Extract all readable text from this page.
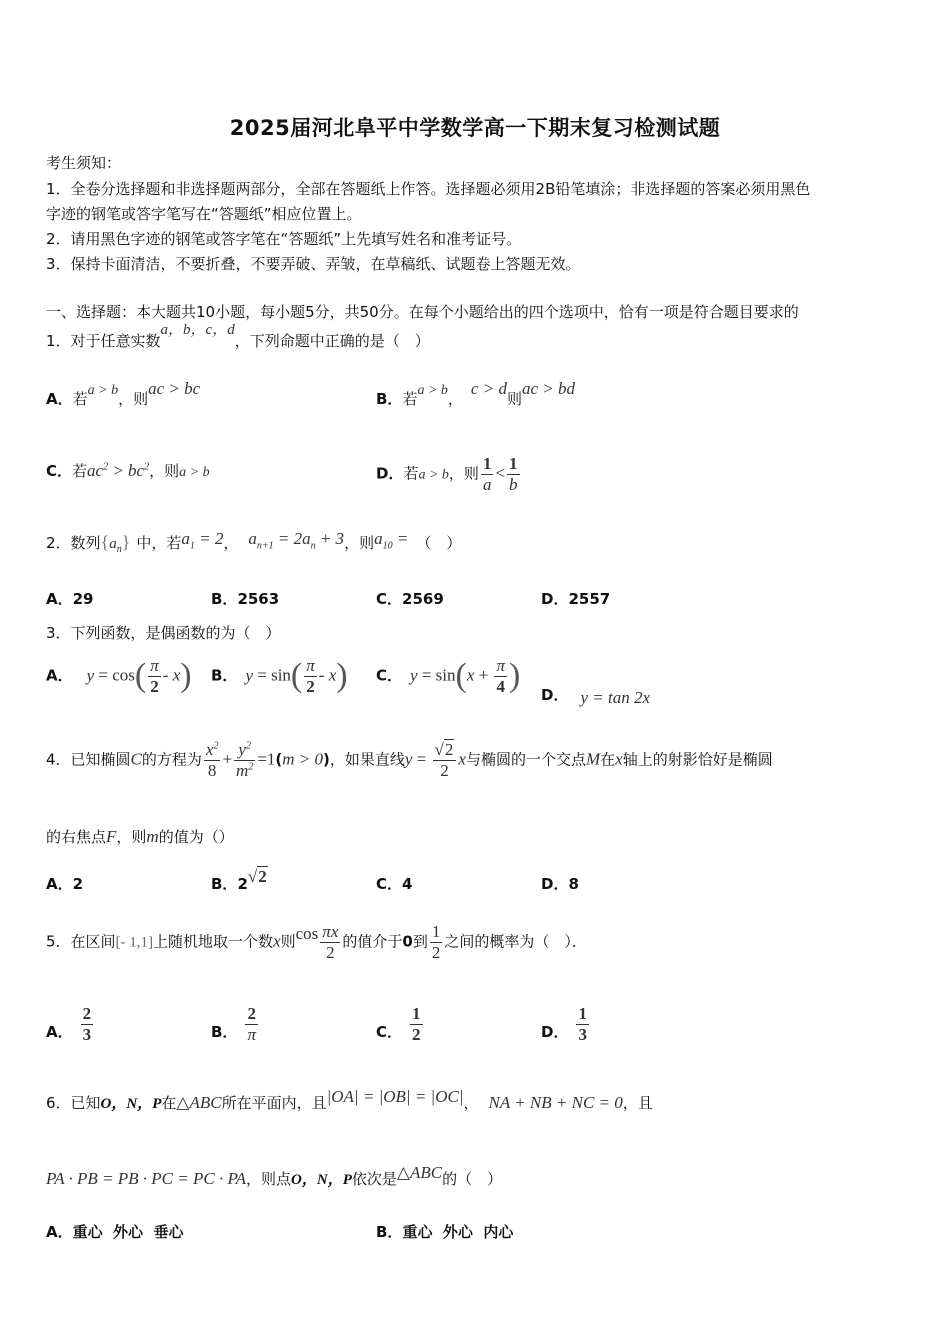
2025届河北阜平中学数学高一下期末复习检测试题
考生须知：
1．全卷分选择题和非选择题两部分，全部在答题纸上作答。选择题必须用2B铅笔填涂；非选择题的答案必须用黑色
字迹的钢笔或答字笔写在“答题纸”相应位置上。
2．请用黑色字迹的钢笔或答字笔在“答题纸”上先填写姓名和准考证号。
3．保持卡面清洁，不要折叠，不要弄破、弄皱，在草稿纸、试题卷上答题无效。
一、选择题：本大题共10小题，每小题5分，共50分。在每个小题给出的四个选项中，恰有一项是符合题目要求的
1．对于任意实数a，b，c，d，下列命题中正确的是（　）
A．若a > b，则ac > bc
B．若a > b，c > d则ac > bd
C．若$ac^2 > bc^2$，则a > b	D．若a > b，则 $\frac{1}{a} < \frac{1}{b}$
2．数列$\{a_n\}$ 中，若$a_1 = 2$， $a_{n+1} = 2a_n + 3$，则$a_{10}$ = （　）
A．29	B．2563	C．2569	D．2557
3．下列函数，是偶函数的为（　）
A． $y = \cos( \frac{\pi}{2} - x)$ B． $y = \sin( \frac{\pi}{2} - x)$ C． $y = \sin(x + \frac{\pi}{4}$ )
D． y = tan 2x
4．已知椭圆C的方程为 $\frac{x^2}{8} + \frac{y^2}{m^2} =1(m > 0)$，如果直线$y = \frac{√2}{2}$ x与椭圆的一个交点M在x轴上的射影恰好是椭圆
的右焦点F，则m的值为（）
A．2	B．2√2	C．4	D．8
5．在区间[- 1,1]上随机地取一个数x则$\cos \frac{\pi x}{2}$ 的值介于0到 $\frac{1}{2}$ 之间的概率为（　）．
A． $\frac{2}{3}$	B． $\frac{2}{\pi}$	C． $\frac{1}{2}$	D． $\frac{1}{3}$
6．已知O，N，P在△ABC所在平面内，且|OA| = |OB| = |OC|， NA + NB + NC = 0，且
PA · PB = PB · PC = PC · PA，则点O，N，P依次是△ABC的（　）
A．重心  外心  垂心	B．重心  外心  内心
